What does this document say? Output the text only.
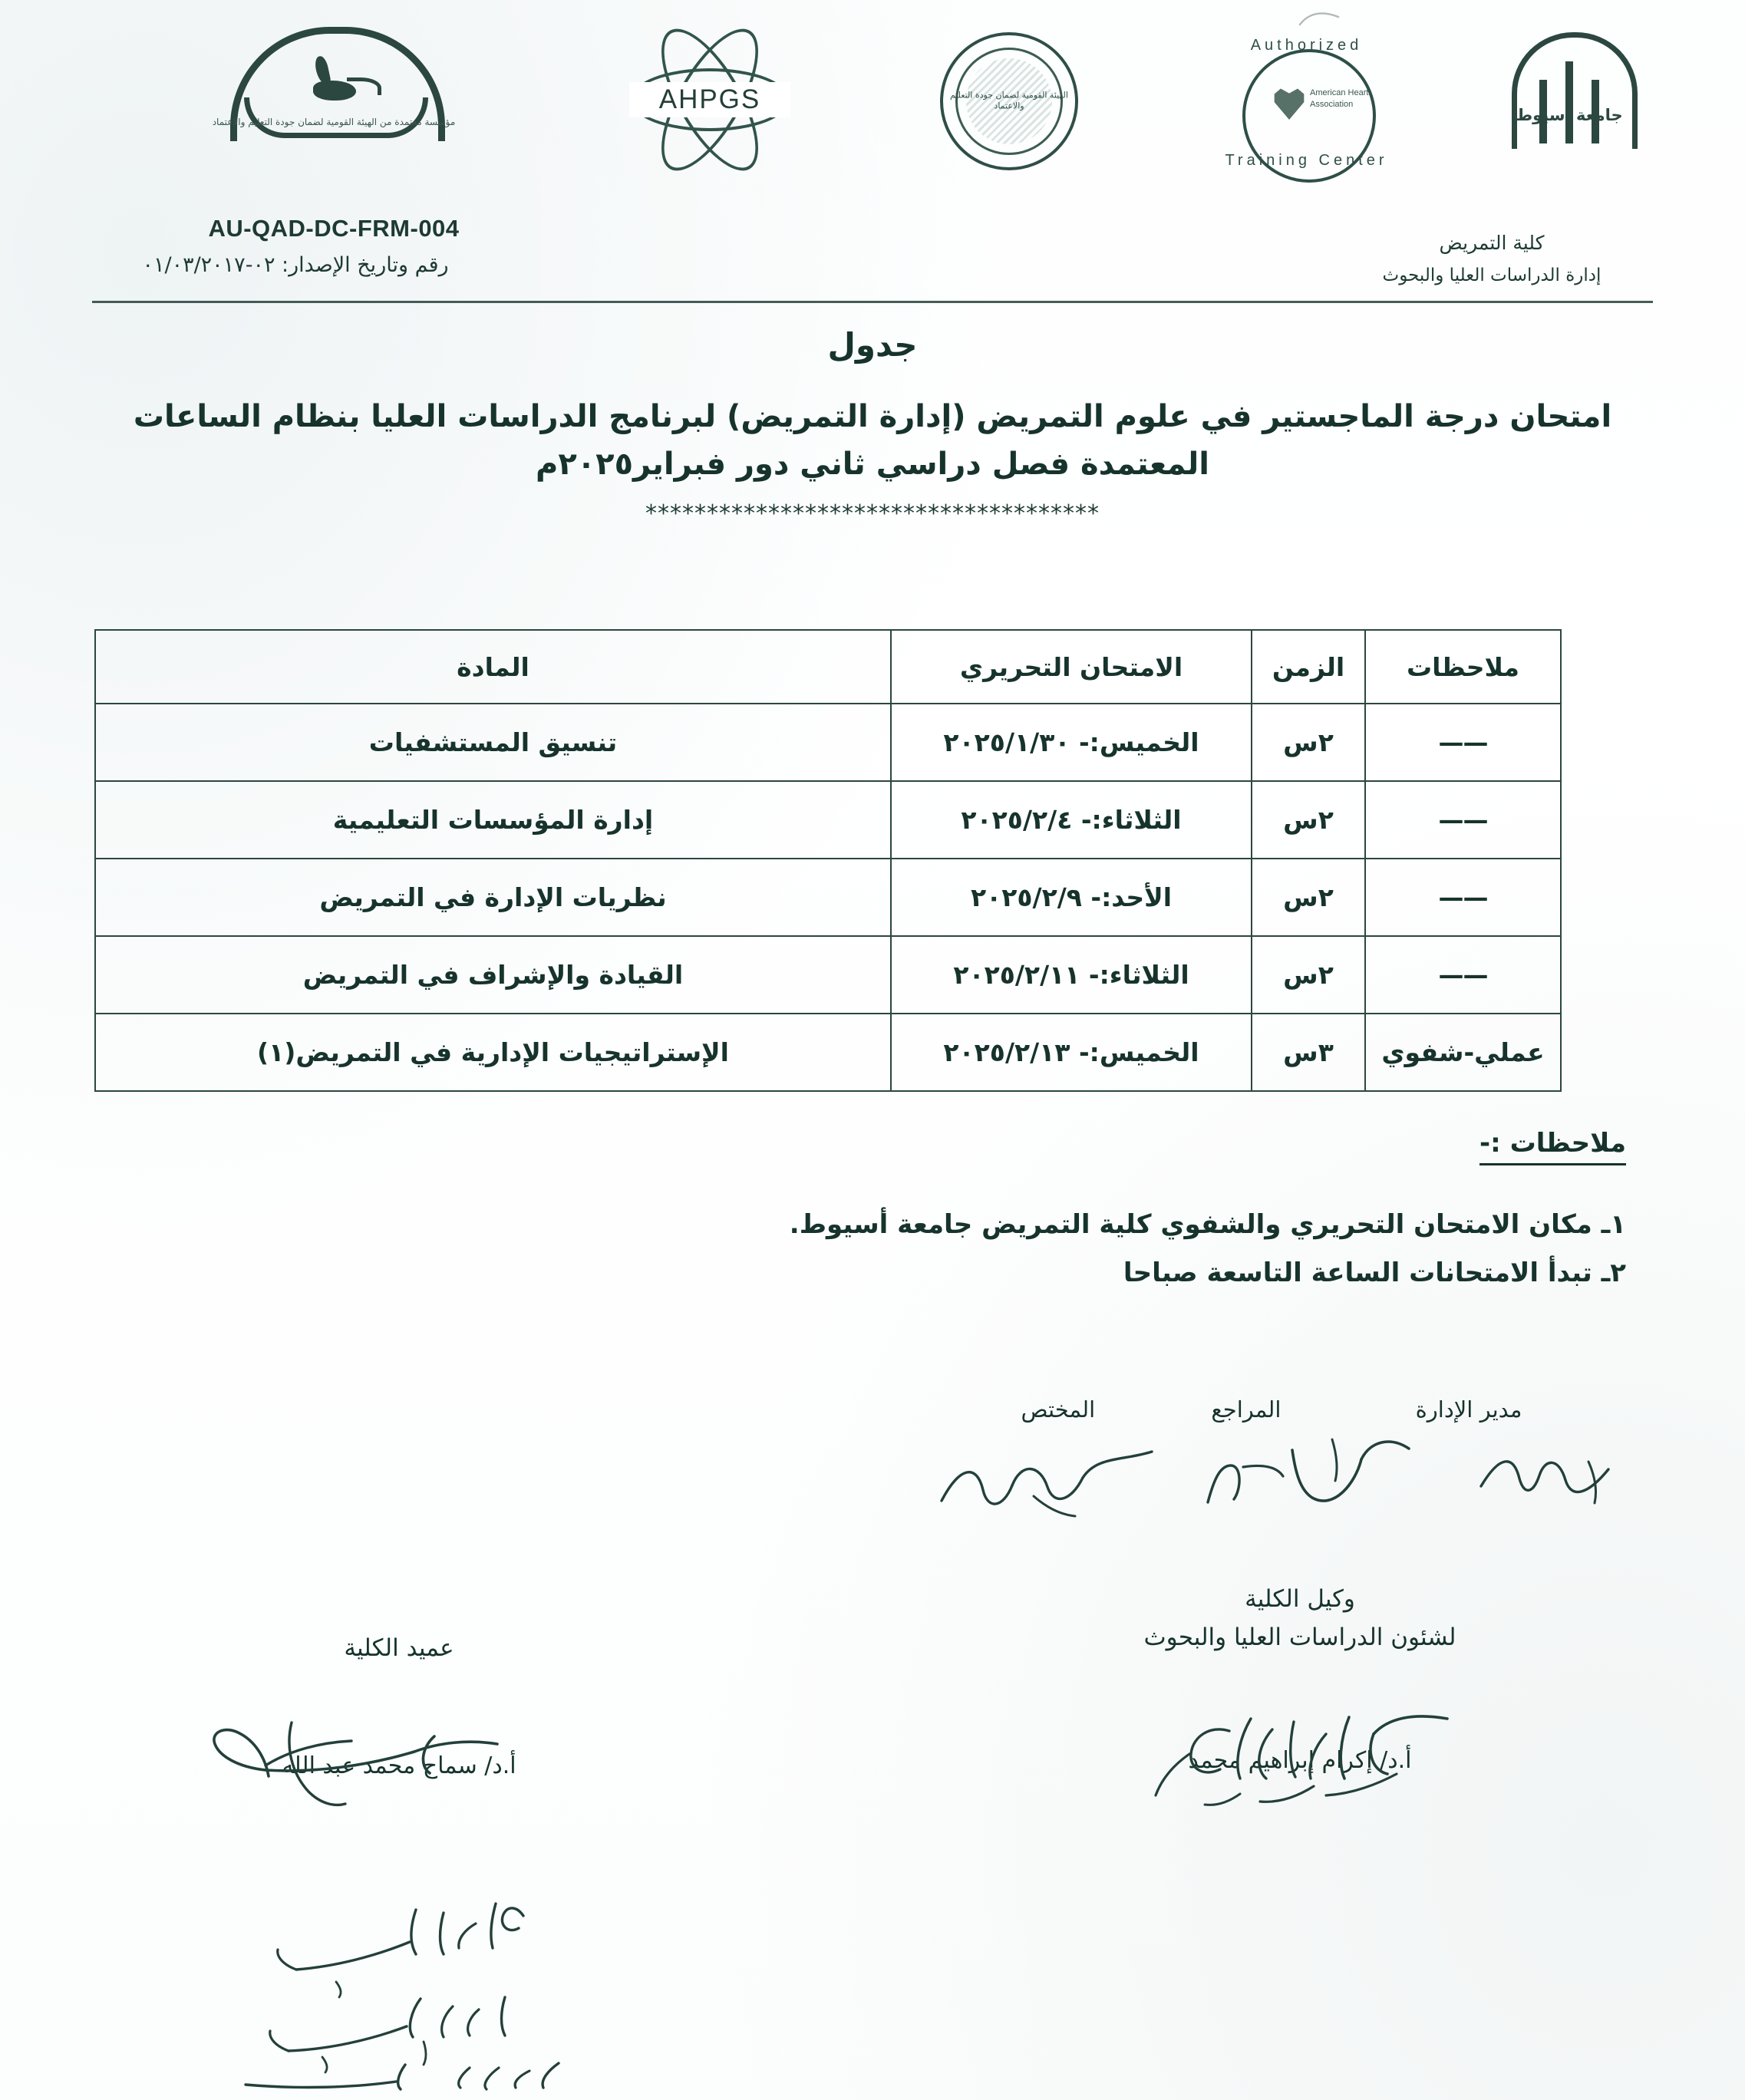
مؤسسة معتمدة من الهيئة القومية لضمان جودة التعليم والاعتماد
AU-QAD-DC-FRM-004
رقم وتاريخ الإصدار: ٠٢-٠١/٠٣/٢٠١٧
AHPGS	الهيئة القومية لضمان جودة التعليم والاعتماد
Authorized
American Heart Association
Training Center
جامعة أسيوط
كلية التمريض
إدارة الدراسات العليا والبحوث
جدول
امتحان درجة الماجستير في علوم التمريض (إدارة التمريض) لبرنامج الدراسات العليا بنظام الساعات المعتمدة فصل دراسي ثاني دور فبراير٢٠٢٥م
*************************************
ملاحظات	الزمن	الامتحان التحريري	المادة
——	٢س	الخميس:- ٢٠٢٥/١/٣٠	تنسيق المستشفيات
——	٢س	الثلاثاء:- ٢٠٢٥/٢/٤	إدارة المؤسسات التعليمية
——	٢س	الأحد:- ٢٠٢٥/٢/٩	نظريات الإدارة في التمريض
——	٢س	الثلاثاء:- ٢٠٢٥/٢/١١	القيادة والإشراف في التمريض
عملي-شفوي	٣س	الخميس:- ٢٠٢٥/٢/١٣	الإستراتيجيات الإدارية في التمريض(١)
ملاحظات :-
١ـ مكان الامتحان التحريري والشفوي كلية التمريض جامعة أسيوط.
٢ـ تبدأ الامتحانات الساعة التاسعة صباحا
مدير الإدارة المراجع المختص
وكيل الكلية
لشئون الدراسات العليا والبحوث
أ.د/ إكرام إبراهيم محمد
عميد الكلية
أ.د/ سماح محمد عبد الله
